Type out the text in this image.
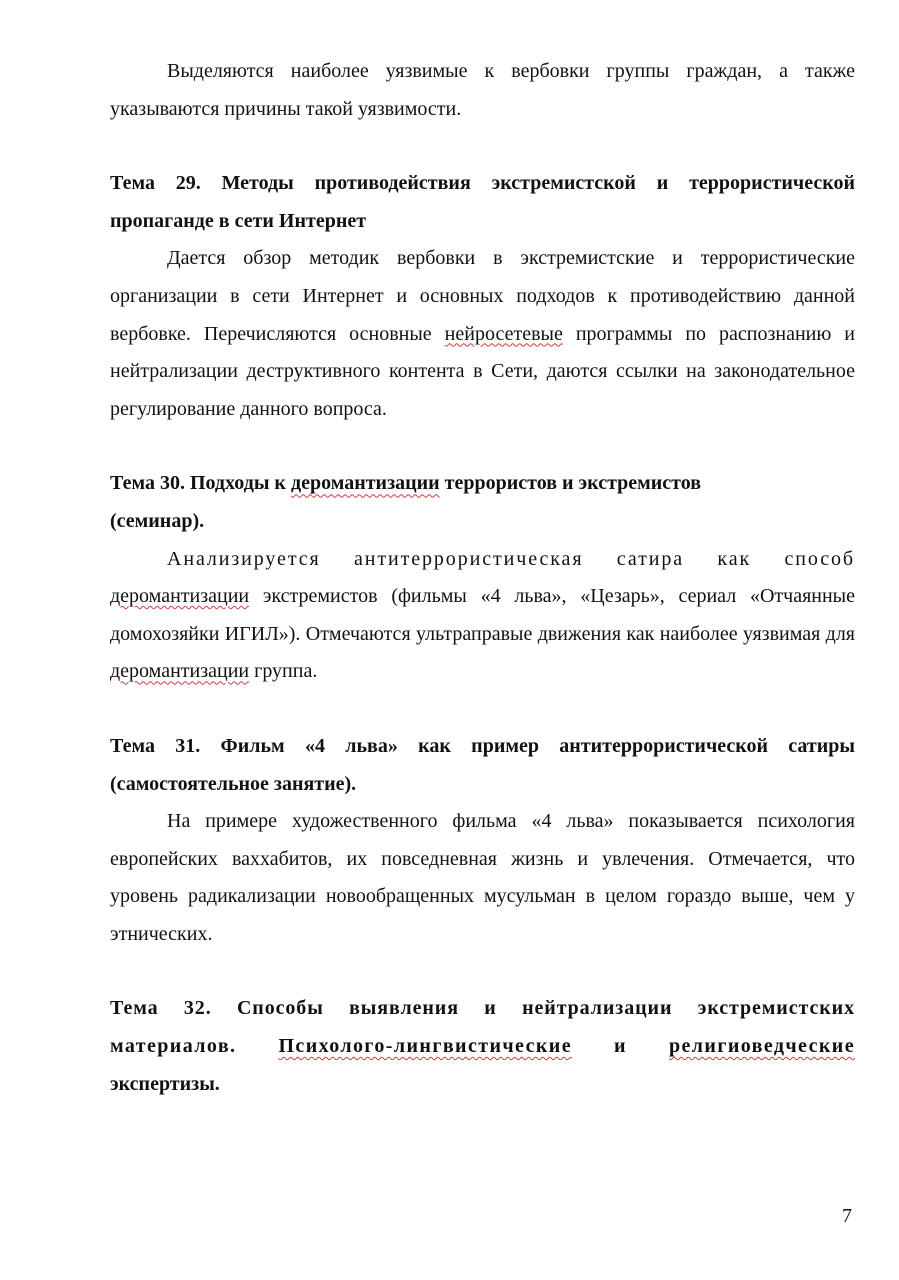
Выделяются наиболее уязвимые к вербовки группы граждан, а также указываются причины такой уязвимости.

Тема 29. Методы противодействия экстремистской и террористической пропаганде в сети Интернет

Дается обзор методик вербовки в экстремистские и террористические организации в сети Интернет и основных подходов к противодействию данной вербовке. Перечисляются основные нейросетевые программы по распознанию и нейтрализации деструктивного контента в Сети, даются ссылки на законодательное регулирование данного вопроса.

Тема 30. Подходы к деромантизации террористов и экстремистов

(семинар).

Анализируется антитеррористическая сатира как способ

деромантизации экстремистов (фильмы «4 льва», «Цезарь», сериал «Отчаянные домохозяйки ИГИЛ»). Отмечаются ультраправые движения как наиболее уязвимая для деромантизации группа.

Тема 31. Фильм «4 льва» как пример антитеррористической сатиры (самостоятельное занятие).

На примере художественного фильма «4 льва» показывается психология европейских ваххабитов, их повседневная жизнь и увлечения. Отмечается, что уровень радикализации новообращенных мусульман в целом гораздо выше, чем у этнических.

Тема 32. Способы выявления и нейтрализации экстремистских

материалов. Психолого-лингвистические и религиоведческие

экспертизы.

7
